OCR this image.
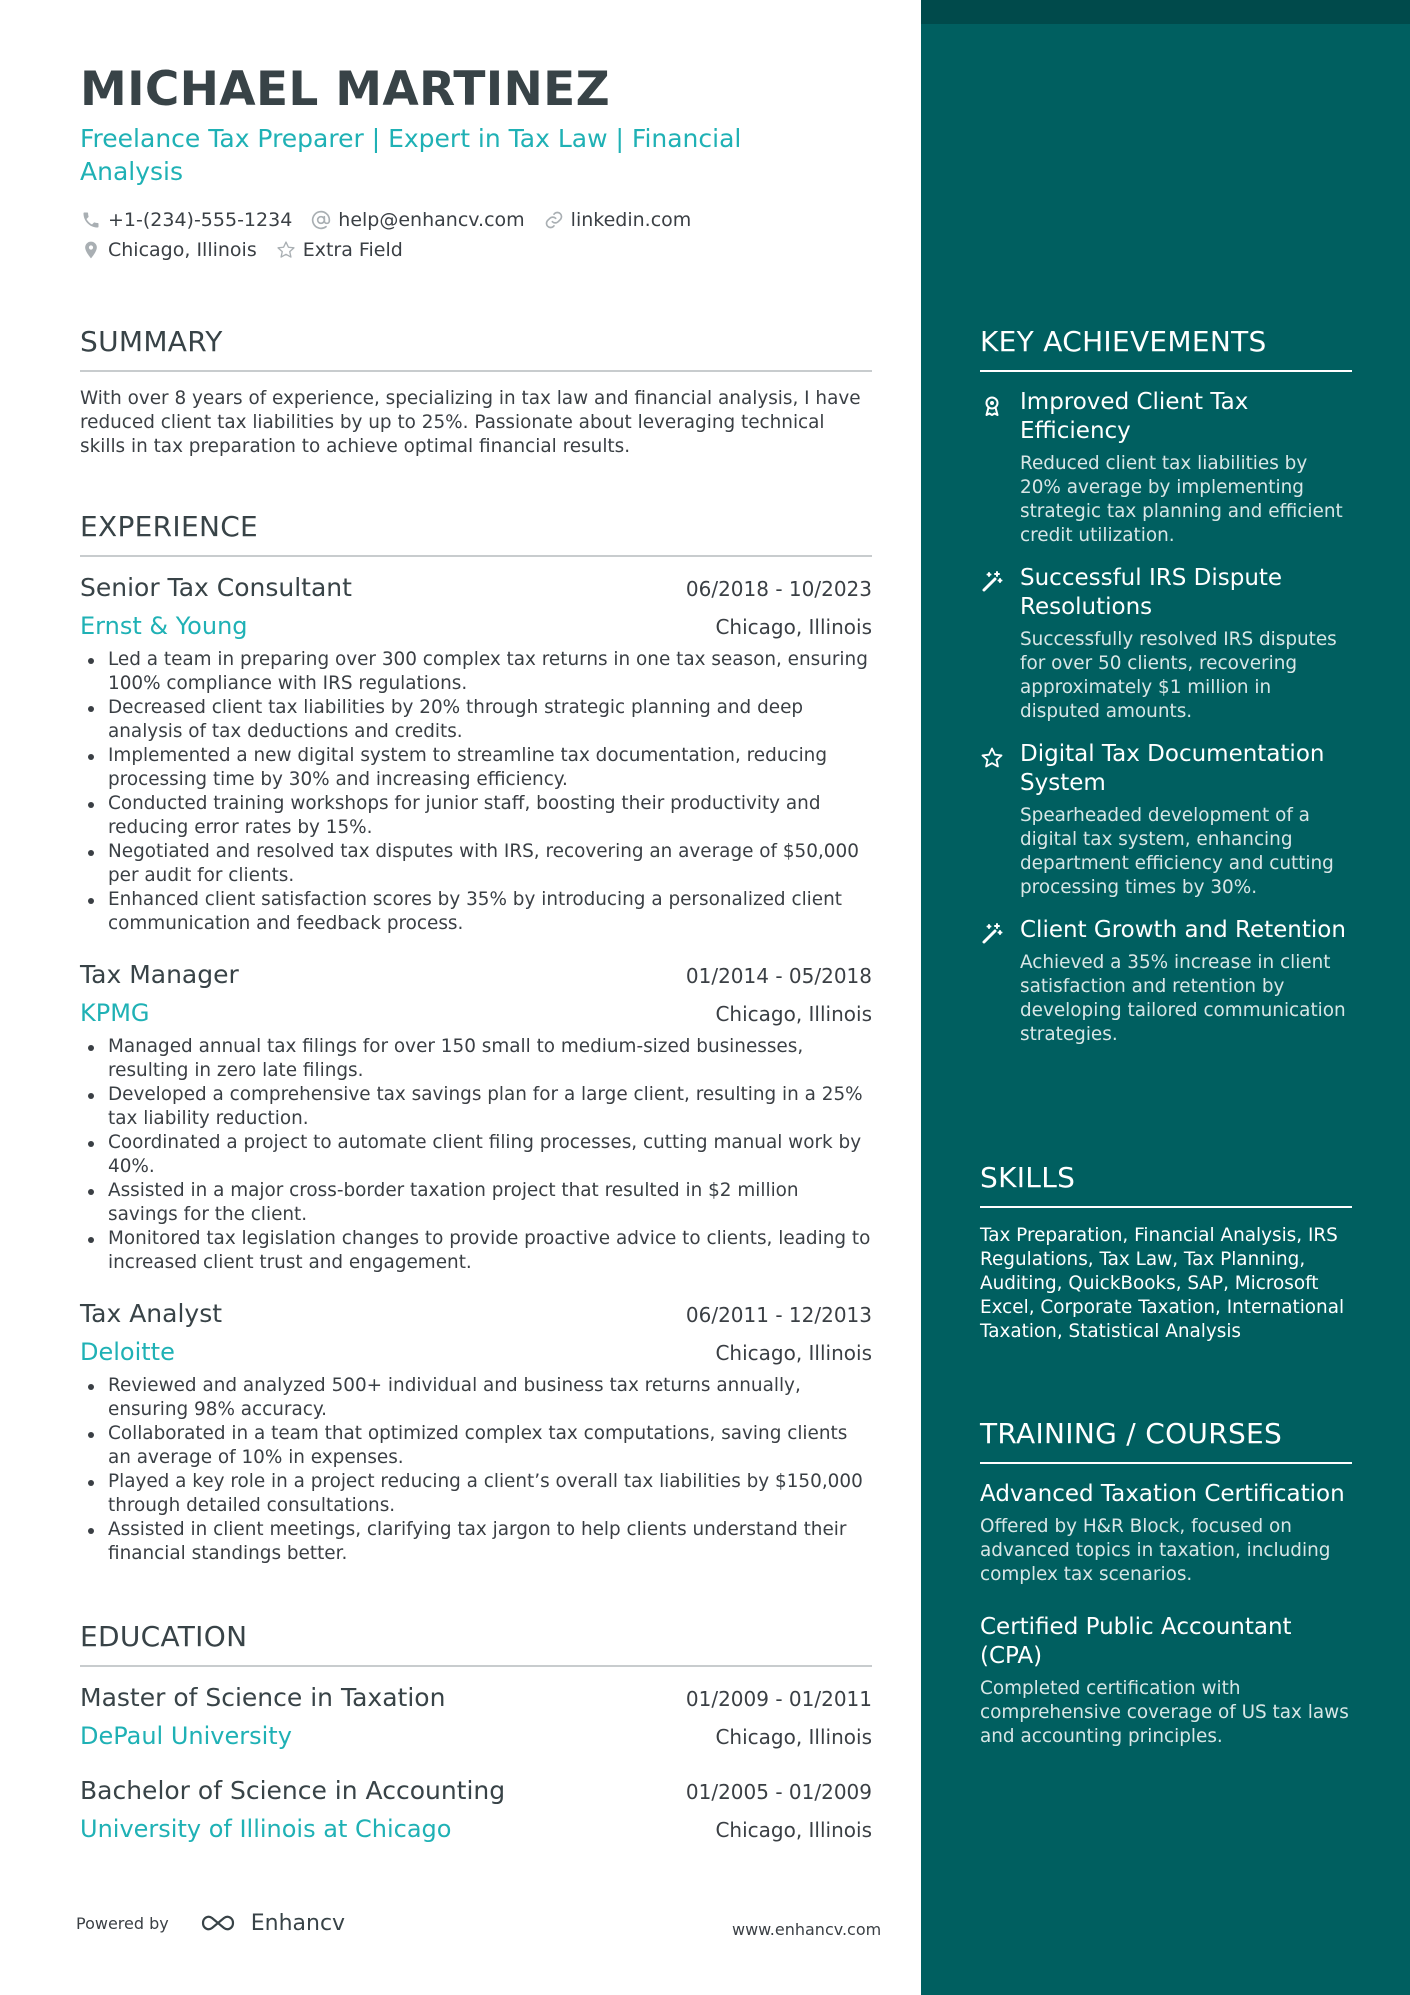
MICHAEL MARTINEZ
Freelance Tax Preparer | Expert in Tax Law | Financial Analysis
+1-(234)-555-1234 help@enhancv.com linkedin.com
Chicago, Illinois Extra Field
SUMMARY
With over 8 years of experience, specializing in tax law and financial analysis, I have reduced client tax liabilities by up to 25%. Passionate about leveraging technical skills in tax preparation to achieve optimal financial results.
EXPERIENCE
Senior Tax Consultant	06/2018 - 10/2023
Ernst & Young	Chicago, Illinois
Led a team in preparing over 300 complex tax returns in one tax season, ensuring 100% compliance with IRS regulations.
Decreased client tax liabilities by 20% through strategic planning and deep analysis of tax deductions and credits.
Implemented a new digital system to streamline tax documentation, reducing processing time by 30% and increasing efficiency.
Conducted training workshops for junior staff, boosting their productivity and reducing error rates by 15%.
Negotiated and resolved tax disputes with IRS, recovering an average of $50,000 per audit for clients.
Enhanced client satisfaction scores by 35% by introducing a personalized client communication and feedback process.
Tax Manager	01/2014 - 05/2018
KPMG	Chicago, Illinois
Managed annual tax filings for over 150 small to medium-sized businesses, resulting in zero late filings.
Developed a comprehensive tax savings plan for a large client, resulting in a 25% tax liability reduction.
Coordinated a project to automate client filing processes, cutting manual work by 40%.
Assisted in a major cross-border taxation project that resulted in $2 million savings for the client.
Monitored tax legislation changes to provide proactive advice to clients, leading to increased client trust and engagement.
Tax Analyst	06/2011 - 12/2013
Deloitte	Chicago, Illinois
Reviewed and analyzed 500+ individual and business tax returns annually, ensuring 98% accuracy.
Collaborated in a team that optimized complex tax computations, saving clients an average of 10% in expenses.
Played a key role in a project reducing a client’s overall tax liabilities by $150,000 through detailed consultations.
Assisted in client meetings, clarifying tax jargon to help clients understand their financial standings better.
EDUCATION
Master of Science in Taxation	01/2009 - 01/2011
DePaul University	Chicago, Illinois
Bachelor of Science in Accounting	01/2005 - 01/2009
University of Illinois at Chicago	Chicago, Illinois
Powered by	Enhancv	www.enhancv.com
KEY ACHIEVEMENTS
Improved Client Tax Efficiency
Reduced client tax liabilities by 20% average by implementing strategic tax planning and efficient credit utilization.
Successful IRS Dispute Resolutions
Successfully resolved IRS disputes for over 50 clients, recovering approximately $1 million in disputed amounts.
Digital Tax Documentation System
Spearheaded development of a digital tax system, enhancing department efficiency and cutting processing times by 30%.
Client Growth and Retention
Achieved a 35% increase in client satisfaction and retention by developing tailored communication strategies.
SKILLS
Tax Preparation, Financial Analysis, IRS Regulations, Tax Law, Tax Planning, Auditing, QuickBooks, SAP, Microsoft Excel, Corporate Taxation, International Taxation, Statistical Analysis
TRAINING / COURSES
Advanced Taxation Certification
Offered by H&R Block, focused on advanced topics in taxation, including complex tax scenarios.
Certified Public Accountant (CPA)
Completed certification with comprehensive coverage of US tax laws and accounting principles.
